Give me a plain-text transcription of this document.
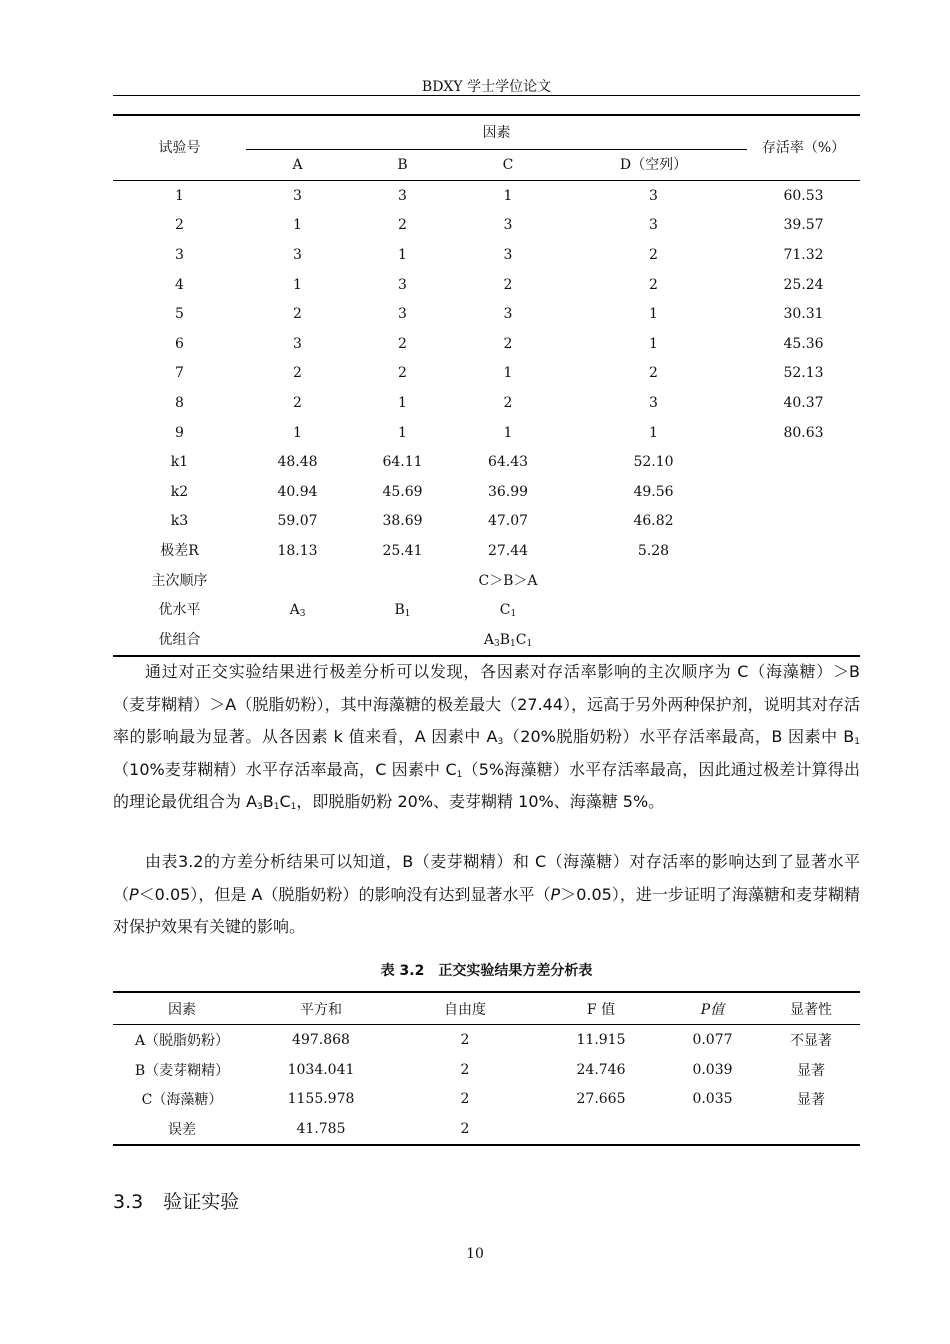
BDXY 学士学位论文
试验号	因素				存活率（%）
	A	B	C	D（空列）	
1	3	3	1	3	60.53
2	1	2	3	3	39.57
3	3	1	3	2	71.32
4	1	3	2	2	25.24
5	2	3	3	1	30.31
6	3	2	2	1	45.36
7	2	2	1	2	52.13
8	2	1	2	3	40.37
9	1	1	1	1	80.63
k1	48.48	64.11	64.43	52.10	
k2	40.94	45.69	36.99	49.56	
k3	59.07	38.69	47.07	46.82	
极差R	18.13	25.41	27.44	5.28	
主次顺序			C＞B＞A		
优水平	$A_3$	$B_1$	$C_1$		
优组合			$A_3B_1C_1$		

通过对正交实验结果进行极差分析可以发现，各因素对存活率影响的主次顺序为 C（海藻糖）＞B（麦芽糊精）＞A（脱脂奶粉），其中海藻糖的极差最大（27.44），远高于另外两种保护剂，说明其对存活率的影响最为显著。从各因素 k 值来看，A 因素中 $A_3(20\%$脱脂奶粉）水平存活率最高，B 因素中 $B_1(10\%$麦芽糊精）水平存活率最高，C 因素中 $C_1(5\%$海藻糖）水平存活率最高，因此通过极差计算得出的理论最优组合为 $A_3B_1C_1$，即脱脂奶粉 20%、麦芽糊精 10%、海藻糖 5%。

由表3.2的方差分析结果可以知道，B（麦芽糊精）和 C（海藻糖）对存活率的影响达到了显著水平（P＜0.05），但是 A（脱脂奶粉）的影响没有达到显著水平（P＞0.05），进一步证明了海藻糖和麦芽糊精对保护效果有关键的影响。

表 3.2　正交实验结果方差分析表
因素	平方和	自由度	F 值	P值	显著性
A（脱脂奶粉）	497.868	2	11.915	0.077	不显著
B（麦芽糊精）	1034.041	2	24.746	0.039	显著
C（海藻糖）	1155.978	2	27.665	0.035	显著
误差	41.785	2			
3.3 验证实验
10
